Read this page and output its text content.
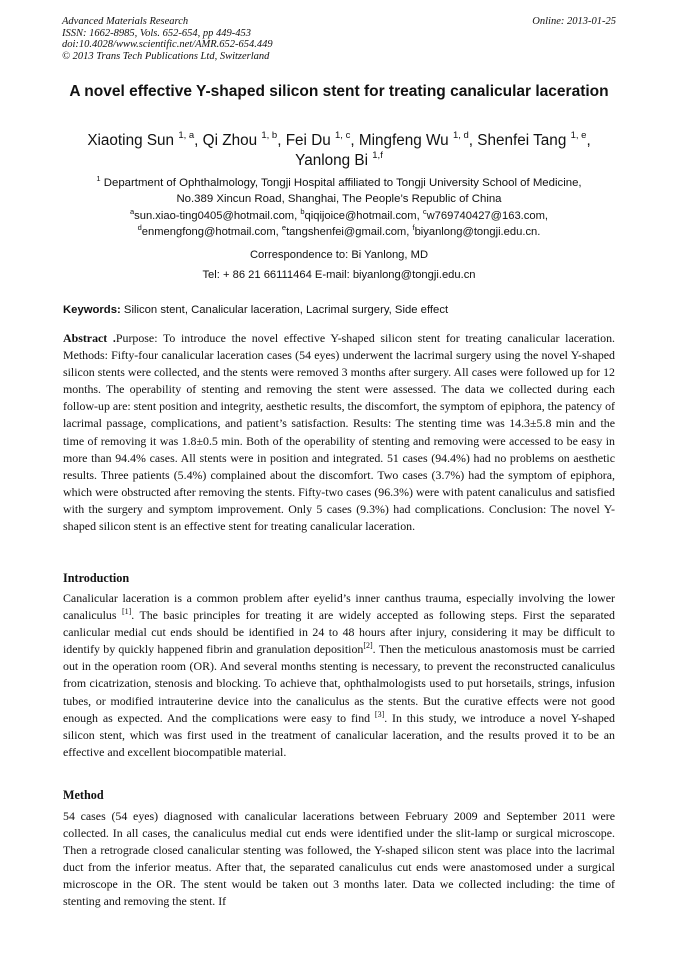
Advanced Materials Research
ISSN: 1662-8985, Vols. 652-654, pp 449-453
doi:10.4028/www.scientific.net/AMR.652-654.449
© 2013 Trans Tech Publications Ltd, Switzerland
Online: 2013-01-25
A novel effective Y-shaped silicon stent for treating canalicular laceration
Xiaoting Sun $^{1, a}$, Qi Zhou $^{1, b}$, Fei Du $^{1, c}$, Mingfeng Wu $^{1, d}$, Shenfei Tang $^{1, e}$,
Yanlong Bi $^{1,f}$
$^1$ Department of Ophthalmology, Tongji Hospital affiliated to Tongji University School of Medicine,
No.389 Xincun Road, Shanghai, The People’s Republic of China
$^a$sun.xiao-ting0405@hotmail.com, $^b$qiqijoice@hotmail.com, $^c$w769740427@163.com,
$^d$enmengfong@hotmail.com, $^e$tangshenfei@gmail.com, $^f$biyanlong@tongji.edu.cn.
Correspondence to: Bi Yanlong, MD
Tel: + 86 21 66111464 E-mail: biyanlong@tongji.edu.cn
Keywords: Silicon stent, Canalicular laceration, Lacrimal surgery, Side effect
Abstract .Purpose: To introduce the novel effective Y-shaped silicon stent for treating canalicular laceration. Methods: Fifty-four canalicular laceration cases (54 eyes) underwent the lacrimal surgery using the novel Y-shaped silicon stents were collected, and the stents were removed 3 months after surgery. All cases were followed up for 12 months. The operability of stenting and removing the stent were assessed. The data we collected during each follow-up are: stent position and integrity, aesthetic results, the discomfort, the symptom of epiphora, the patency of lacrimal passage, complications, and patient’s satisfaction. Results: The stenting time was 14.3±5.8 min and the time of removing it was 1.8±0.5 min. Both of the operability of stenting and removing were accessed to be easy in more than 94.4% cases. All stents were in position and integrated. 51 cases (94.4%) had no problems on aesthetic results. Three patients (5.4%) complained about the discomfort. Two cases (3.7%) had the symptom of epiphora, which were obstructed after removing the stents. Fifty-two cases (96.3%) were with patent canaliculus and satisfied with the surgery and symptom improvement. Only 5 cases (9.3%) had complications. Conclusion: The novel Y-shaped silicon stent is an effective stent for treating canalicular laceration.
Introduction
Canalicular laceration is a common problem after eyelid’s inner canthus trauma, especially involving the lower canaliculus [1]. The basic principles for treating it are widely accepted as following steps. First the separated canlicular medial cut ends should be identified in 24 to 48 hours after injury, considering it may be difficult to identify by quickly happened fibrin and granulation deposition[2]. Then the meticulous anastomosis must be carried out in the operation room (OR). And several months stenting is necessary, to prevent the reconstructed canaliculus from cicatrization, stenosis and blocking. To achieve that, ophthalmologists used to put horsetails, strings, infusion tubes, or modified intrauterine device into the canaliculus as the stents. But the curative effects were not good enough as expected. And the complications were easy to find [3]. In this study, we introduce a novel Y-shaped silicon stent, which was first used in the treatment of canalicular laceration, and the results proved it to be an effective and excellent biocompatible material.
Method
54 cases (54 eyes) diagnosed with canalicular lacerations between February 2009 and September 2011 were collected. In all cases, the canaliculus medial cut ends were identified under the slit-lamp or surgical microscope. Then a retrograde closed canalicular stenting was followed, the Y-shaped silicon stent was place into the lacrimal duct from the inferior meatus. After that, the separated canaliculus cut ends were anastomosed under a surgical microscope in the OR. The stent would be taken out 3 months later. Data we collected including: the time of stenting and removing the stent. If
